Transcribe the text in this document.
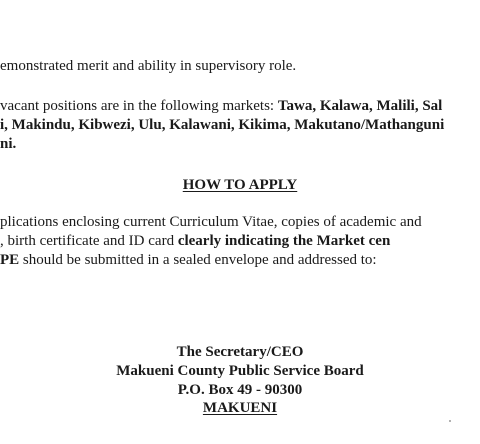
emonstrated merit and ability in supervisory role.
vacant positions are in the following markets: Tawa, Kalawa, Malili, Sal
i, Makindu, Kibwezi, Ulu, Kalawani, Kikima, Makutano/Mathanguni
ni.
HOW TO APPLY
plications enclosing current Curriculum Vitae, copies of academic and
, birth certificate and ID card clearly indicating the Market cen
PE should be submitted in a sealed envelope and addressed to:
The Secretary/CEO
Makueni County Public Service Board
P.O. Box 49 - 90300
MAKUENI
